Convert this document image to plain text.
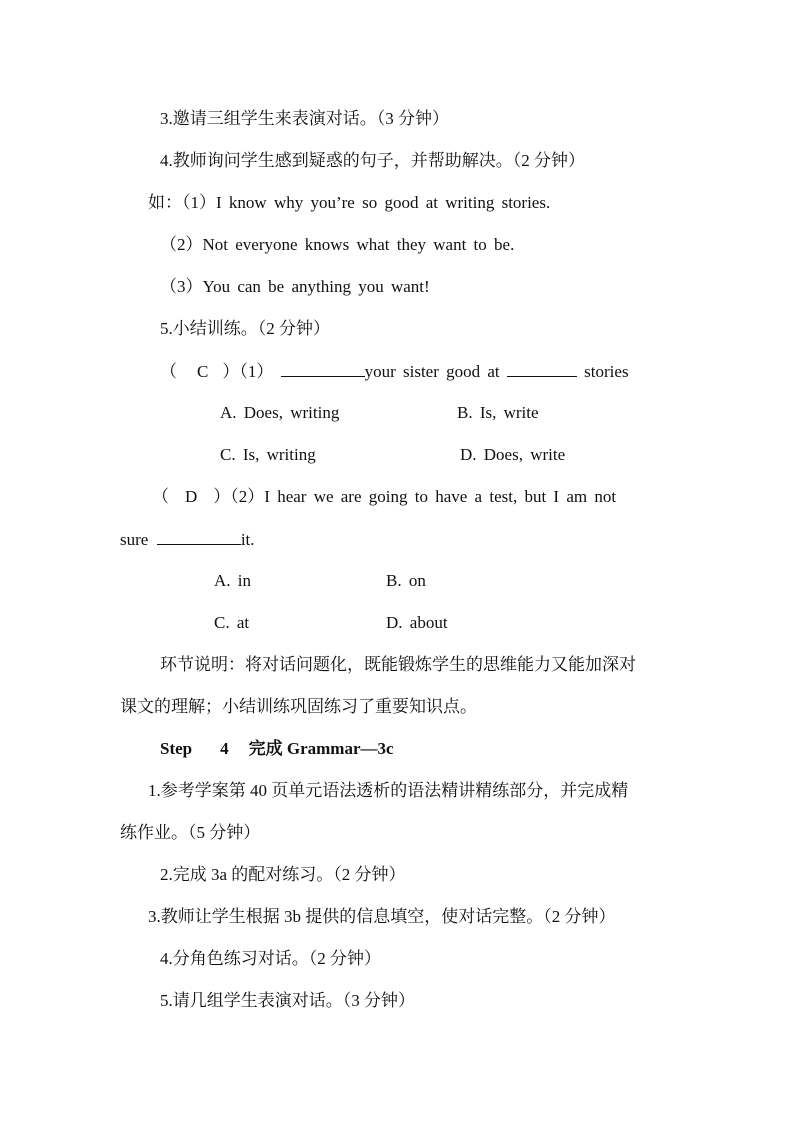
3.邀请三组学生来表演对话。（3 分钟）
4.教师询问学生感到疑惑的句子，并帮助解决。（2 分钟）
如：（1）I know why you’re so good at writing stories.
（2）Not everyone knows what they want to be.
（3）You can be anything you want!
5.小结训练。（2 分钟）
（ C ）（1）	your sister good at	stories
A. Does, writing	B. Is, write
C. Is, writing	D. Does, write
（ D ）（2）I hear we are going to have a test, but I am not
sure	it.
A. in	B. on
C. at	D. about
环节说明：将对话问题化，既能锻炼学生的思维能力又能加深对
课文的理解；小结训练巩固练习了重要知识点。
Step 4 完成 Grammar—3c
1.参考学案第 40 页单元语法透析的语法精讲精练部分，并完成精
练作业。（5 分钟）
2.完成 3a 的配对练习。（2 分钟）
3.教师让学生根据 3b 提供的信息填空，使对话完整。（2 分钟）
4.分角色练习对话。（2 分钟）
5.请几组学生表演对话。（3 分钟）
